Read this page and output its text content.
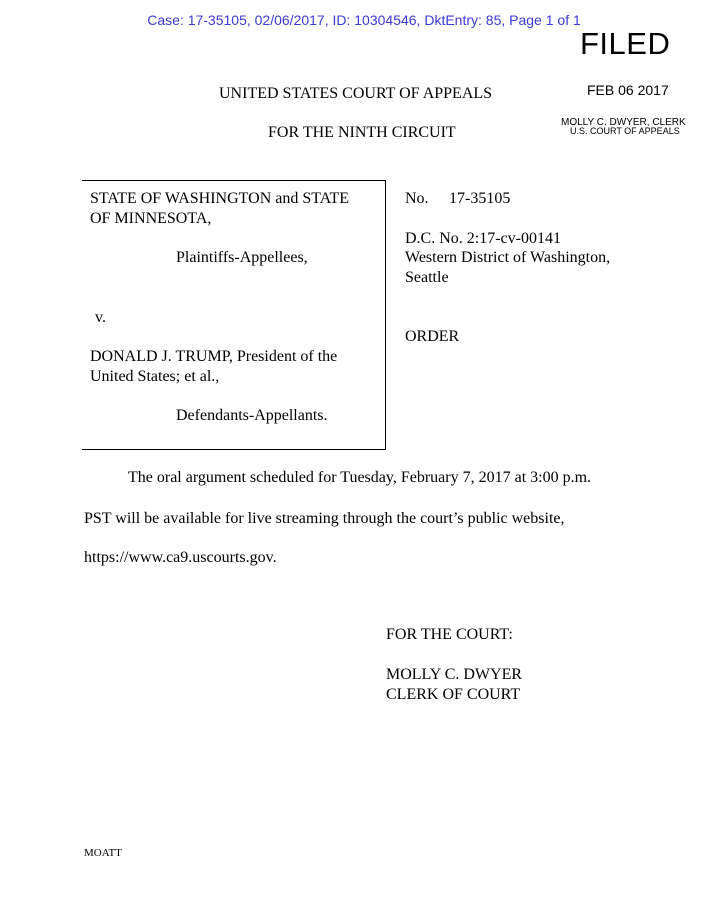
Case: 17-35105, 02/06/2017, ID: 10304546, DktEntry: 85, Page 1 of 1
FILED
FEB 06 2017
MOLLY C. DWYER, CLERK
U.S. COURT OF APPEALS
UNITED STATES COURT OF APPEALS
FOR THE NINTH CIRCUIT
STATE OF WASHINGTON and STATE
OF MINNESOTA,
Plaintiffs-Appellees,
v.
DONALD J. TRUMP, President of the
United States; et al.,
Defendants-Appellants.
No. 17-35105
D.C. No. 2:17-cv-00141
Western District of Washington,
Seattle
ORDER
The oral argument scheduled for Tuesday, February 7, 2017 at 3:00 p.m.
PST will be available for live streaming through the court’s public website,
https://www.ca9.uscourts.gov.
FOR THE COURT:
MOLLY C. DWYER
CLERK OF COURT
MOATT
